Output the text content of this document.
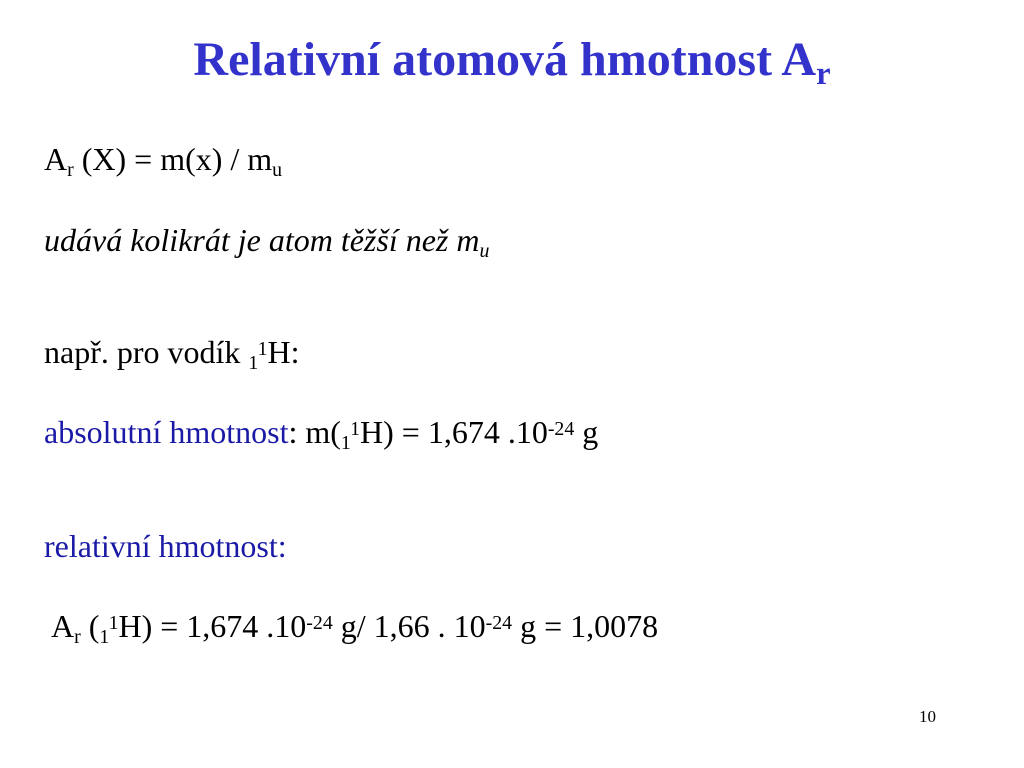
Relativní atomová hmotnost $A_r$
$A_r$ $(X) = m(x) / m_u$
udává kolikrát je atom těžší než $m_u$
např. pro vodík $_1^1$H:
absolutní hmotnost: $m(_1^1H) = 1,674$ $.10^{-24}$ g
relativní hmotnost:
$A_r$ $(_1^1H) = 1,674$ $.10^{-24}$ g/ 1,66 . $10^{-24}$ g = 1,0078
10
